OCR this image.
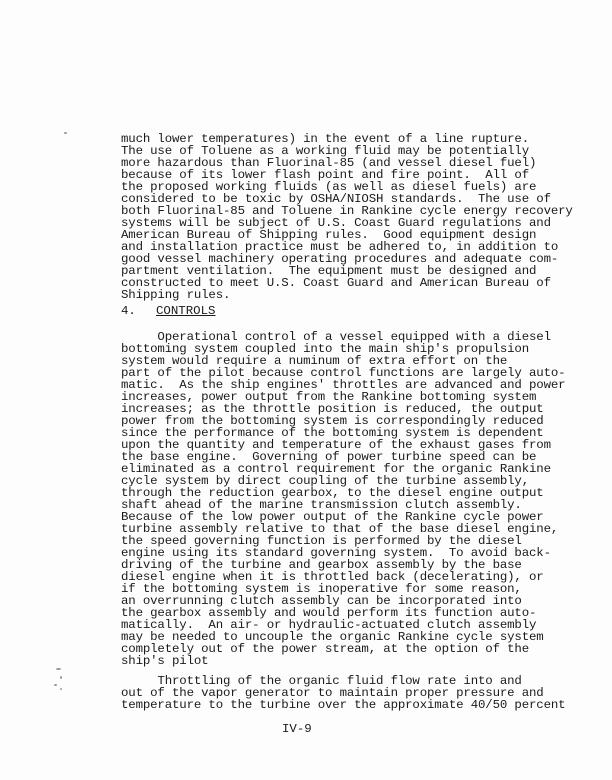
much lower temperatures) in the event of a line rupture.
The use of Toluene as a working fluid may be potentially
more hazardous than Fluorinal-85 (and vessel diesel fuel)
because of its lower flash point and fire point.  All of
the proposed working fluids (as well as diesel fuels) are
considered to be toxic by OSHA/NIOSH standards.  The use of
both Fluorinal-85 and Toluene in Rankine cycle energy recovery
systems will be subject of U.S. Coast Guard regulations and
American Bureau of Shipping rules.  Good equipment design
and installation practice must be adhered to, in addition to
good vessel machinery operating procedures and adequate com-
partment ventilation.  The equipment must be designed and
constructed to meet U.S. Coast Guard and American Bureau of
Shipping rules.
4. CONTROLS
Operational control of a vessel equipped with a diesel
bottoming system coupled into the main ship's propulsion
system would require a numinum of extra effort on the
part of the pilot because control functions are largely auto-
matic.  As the ship engines' throttles are advanced and power
increases, power output from the Rankine bottoming system
increases; as the throttle position is reduced, the output
power from the bottoming system is correspondingly reduced
since the performance of the bottoming system is dependent
upon the quantity and temperature of the exhaust gases from
the base engine.  Governing of power turbine speed can be
eliminated as a control requirement for the organic Rankine
cycle system by direct coupling of the turbine assembly,
through the reduction gearbox, to the diesel engine output
shaft ahead of the marine transmission clutch assembly.
Because of the low power output of the Rankine cycle power
turbine assembly relative to that of the base diesel engine,
the speed governing function is performed by the diesel
engine using its standard governing system.  To avoid back-
driving of the turbine and gearbox assembly by the base
diesel engine when it is throttled back (decelerating), or
if the bottoming system is inoperative for some reason,
an overrunning clutch assembly can be incorporated into
the gearbox assembly and would perform its function auto-
matically.  An air- or hydraulic-actuated clutch assembly
may be needed to uncouple the organic Rankine cycle system
completely out of the power stream, at the option of the
ship's pilot
Throttling of the organic fluid flow rate into and
out of the vapor generator to maintain proper pressure and
temperature to the turbine over the approximate 40/50 percent
IV-9
